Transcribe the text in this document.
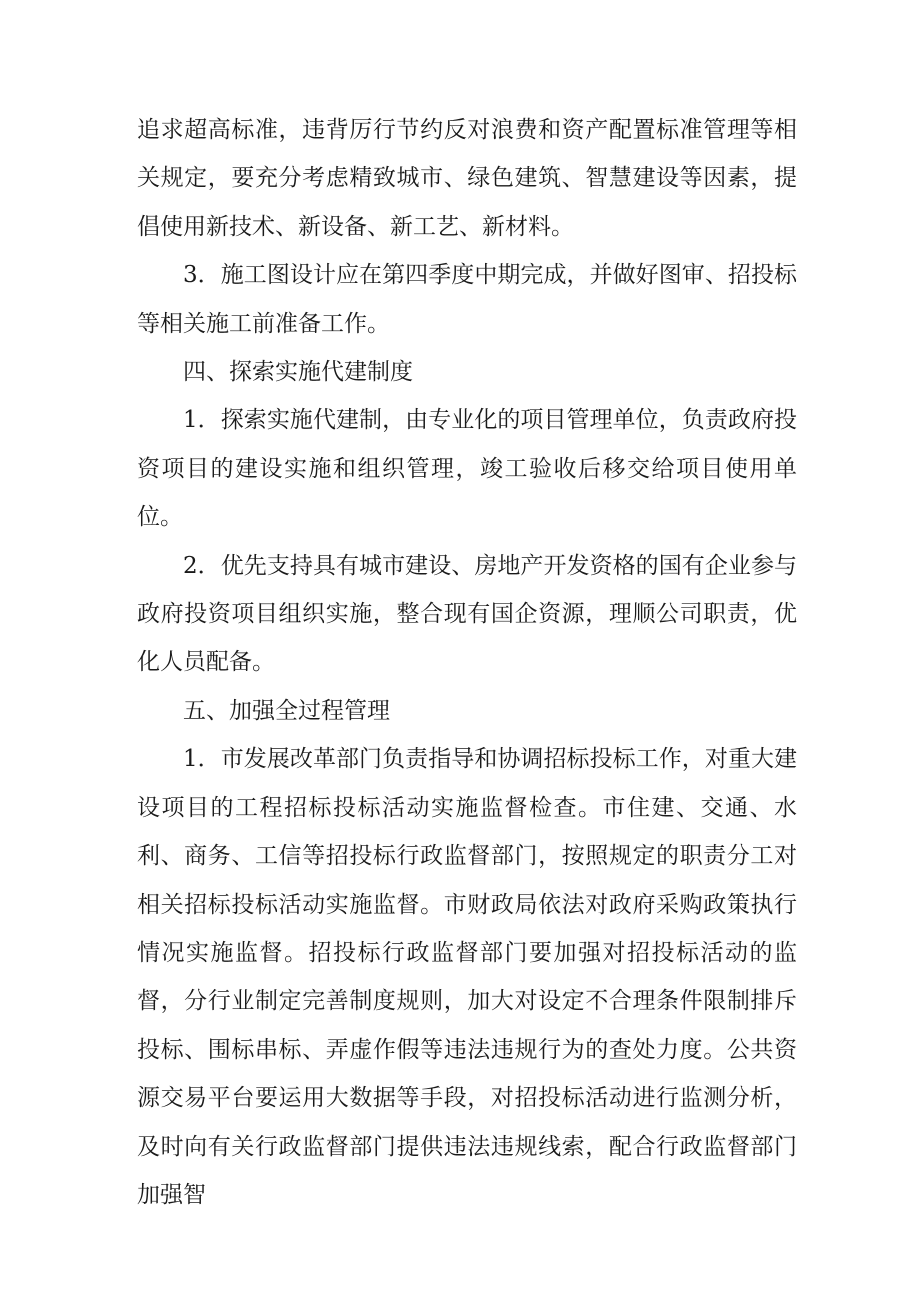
追求超高标准，违背厉行节约反对浪费和资产配置标准管理等相关规定，要充分考虑精致城市、绿色建筑、智慧建设等因素，提倡使用新技术、新设备、新工艺、新材料。

3．施工图设计应在第四季度中期完成，并做好图审、招投标等相关施工前准备工作。

四、探索实施代建制度

1．探索实施代建制，由专业化的项目管理单位，负责政府投资项目的建设实施和组织管理，竣工验收后移交给项目使用单位。

2．优先支持具有城市建设、房地产开发资格的国有企业参与政府投资项目组织实施，整合现有国企资源，理顺公司职责，优化人员配备。

五、加强全过程管理

1．市发展改革部门负责指导和协调招标投标工作，对重大建设项目的工程招标投标活动实施监督检查。市住建、交通、水利、商务、工信等招投标行政监督部门，按照规定的职责分工对相关招标投标活动实施监督。市财政局依法对政府采购政策执行情况实施监督。招投标行政监督部门要加强对招投标活动的监督，分行业制定完善制度规则，加大对设定不合理条件限制排斥投标、围标串标、弄虚作假等违法违规行为的查处力度。公共资源交易平台要运用大数据等手段，对招投标活动进行监测分析，及时向有关行政监督部门提供违法违规线索，配合行政监督部门加强智
